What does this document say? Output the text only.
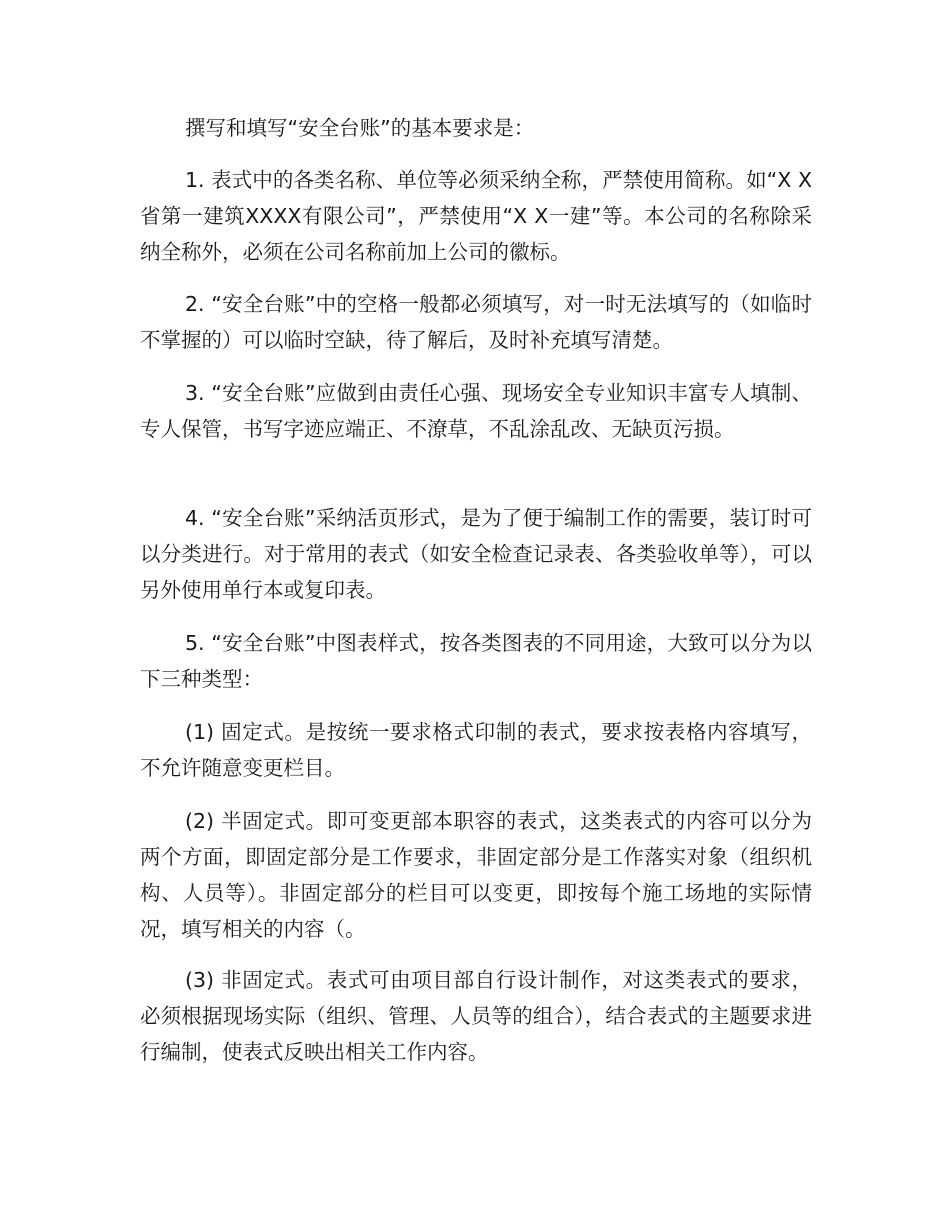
撰写和填写“安全台账”的基本要求是：

1. 表式中的各类名称、单位等必须采纳全称，严禁使用简称。如“X X 省第一建筑XXXX有限公司”，严禁使用“X X一建”等。本公司的名称除采纳全称外，必须在公司名称前加上公司的徽标。

2. “安全台账”中的空格一般都必须填写，对一时无法填写的（如临时不掌握的）可以临时空缺，待了解后，及时补充填写清楚。

3. “安全台账”应做到由责任心强、现场安全专业知识丰富专人填制、专人保管，书写字迹应端正、不潦草，不乱涂乱改、无缺页污损。

4. “安全台账”采纳活页形式，是为了便于编制工作的需要，装订时可以分类进行。对于常用的表式（如安全检查记录表、各类验收单等），可以另外使用单行本或复印表。

5. “安全台账”中图表样式，按各类图表的不同用途，大致可以分为以下三种类型：

(1) 固定式。是按统一要求格式印制的表式，要求按表格内容填写，不允许随意变更栏目。

(2) 半固定式。即可变更部本职容的表式，这类表式的内容可以分为两个方面，即固定部分是工作要求，非固定部分是工作落实对象（组织机构、人员等）。非固定部分的栏目可以变更，即按每个施工场地的实际情况，填写相关的内容（。

(3) 非固定式。表式可由项目部自行设计制作，对这类表式的要求，必须根据现场实际（组织、管理、人员等的组合），结合表式的主题要求进行编制，使表式反映出相关工作内容。
